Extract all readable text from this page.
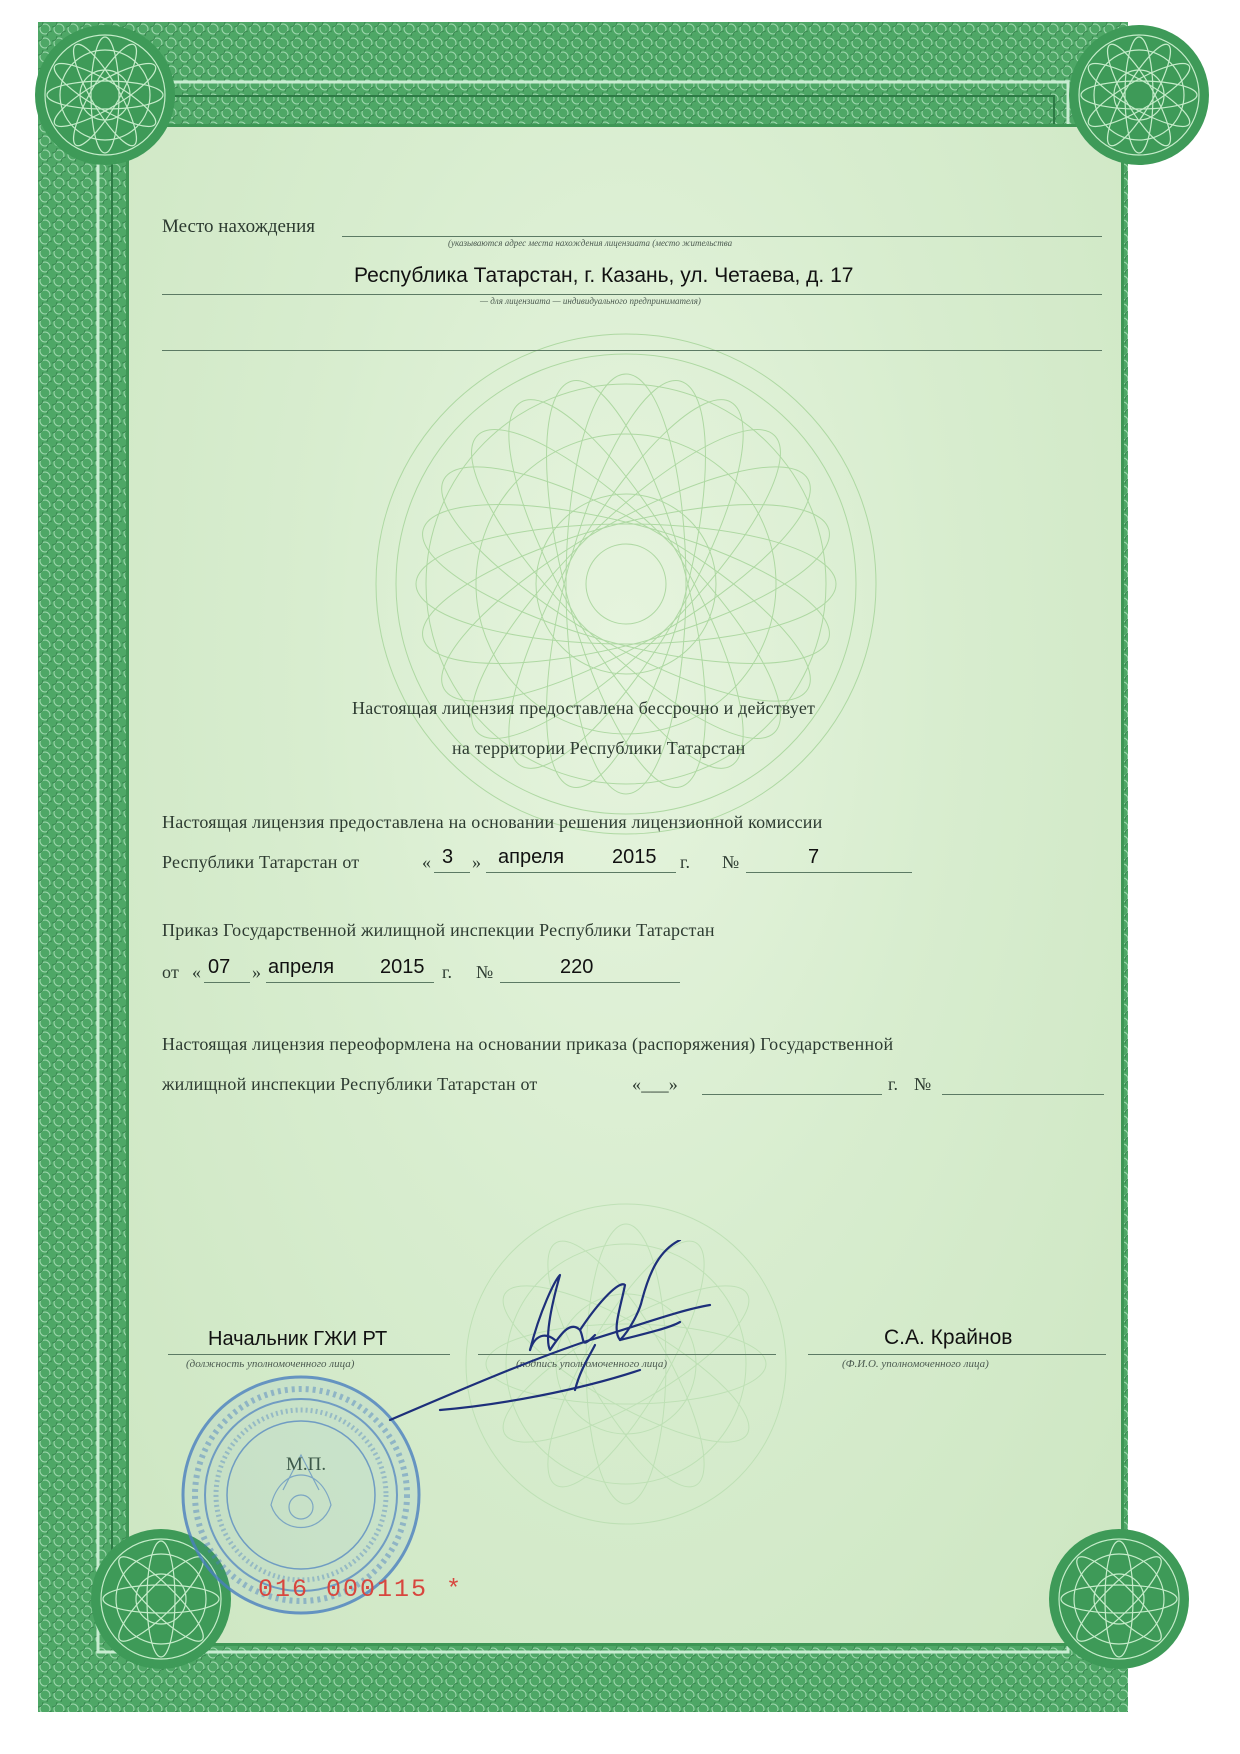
Место нахождения
(указываются адрес места нахождения лицензиата (место жительства
Республика Татарстан, г. Казань, ул. Четаева, д. 17
— для лицензиата — индивидуального предпринимателя)
Настоящая лицензия предоставлена бессрочно и действует
на территории Республики Татарстан
Настоящая лицензия предоставлена на основании решения лицензионной комиссии
Республики Татарстан от	« 3 » апреля 2015 г. №	7
Приказ Государственной жилищной инспекции Республики Татарстан
от « 07 » апреля 2015 г. №	220
Настоящая лицензия переоформлена на основании приказа (распоряжения) Государственной
жилищной инспекции Республики Татарстан от	«___»	г. №
Начальник ГЖИ РТ
(должность уполномоченного лица)	(подпись уполномоченного лица)
С.А. Крайнов
(Ф.И.О. уполномоченного лица)
М.П.
016 000115 *
